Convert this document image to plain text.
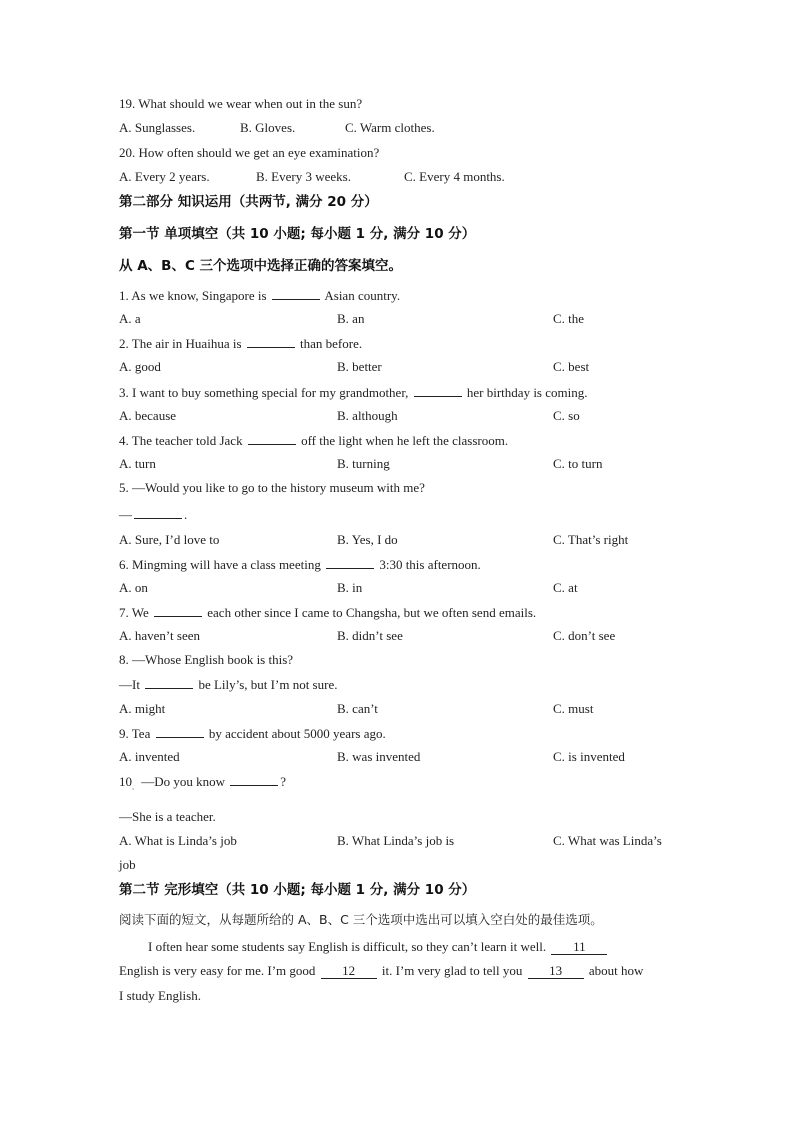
19. What should we wear when out in the sun?
A. Sunglasses.	B. Gloves.	C. Warm clothes.
20. How often should we get an eye examination?
A. Every 2 years.	B. Every 3 weeks.	C. Every 4 months.
第二部分 知识运用（共两节, 满分 20 分）
第一节 单项填空（共 10 小题; 每小题 1 分, 满分 10 分）
从 A、B、C 三个选项中选择正确的答案填空。
1. As we know, Singapore is	Asian country.
A. a	B. an	C. the
2. The air in Huaihua is	than before.
A. good	B. better	C. best
3. I want to buy something special for my grandmother,	her birthday is coming.
A. because	B. although	C. so
4. The teacher told Jack	off the light when he left the classroom.
A. turn	B. turning	C. to turn
5. —Would you like to go to the history museum with me?
—	.
A. Sure, I’d love to	B. Yes, I do	C. That’s right
6. Mingming will have a class meeting	3:30 this afternoon.
A. on	B. in	C. at
7. We	each other since I came to Changsha, but we often send emails.
A. haven’t seen	B. didn’t see	C. don’t see
8. —Whose English book is this?
—It	be Lily’s, but I’m not sure.
A. might	B. can’t	C. must
9. Tea	by accident about 5000 years ago.
A. invented	B. was invented	C. is invented
$10_.$ —Do you know	?
—She is a teacher.
A. What is Linda’s job	B. What Linda’s job is	C. What was Linda’s
job
第二节 完形填空（共 10 小题; 每小题 1 分, 满分 10 分）
阅读下面的短文，从每题所给的 A、B、C 三个选项中选出可以填入空白处的最佳选项。
I often hear some students say English is difficult, so they can’t learn it well. 11
English is very easy for me. I’m good 12 it. I’m very glad to tell you 13 about how
I study English.
